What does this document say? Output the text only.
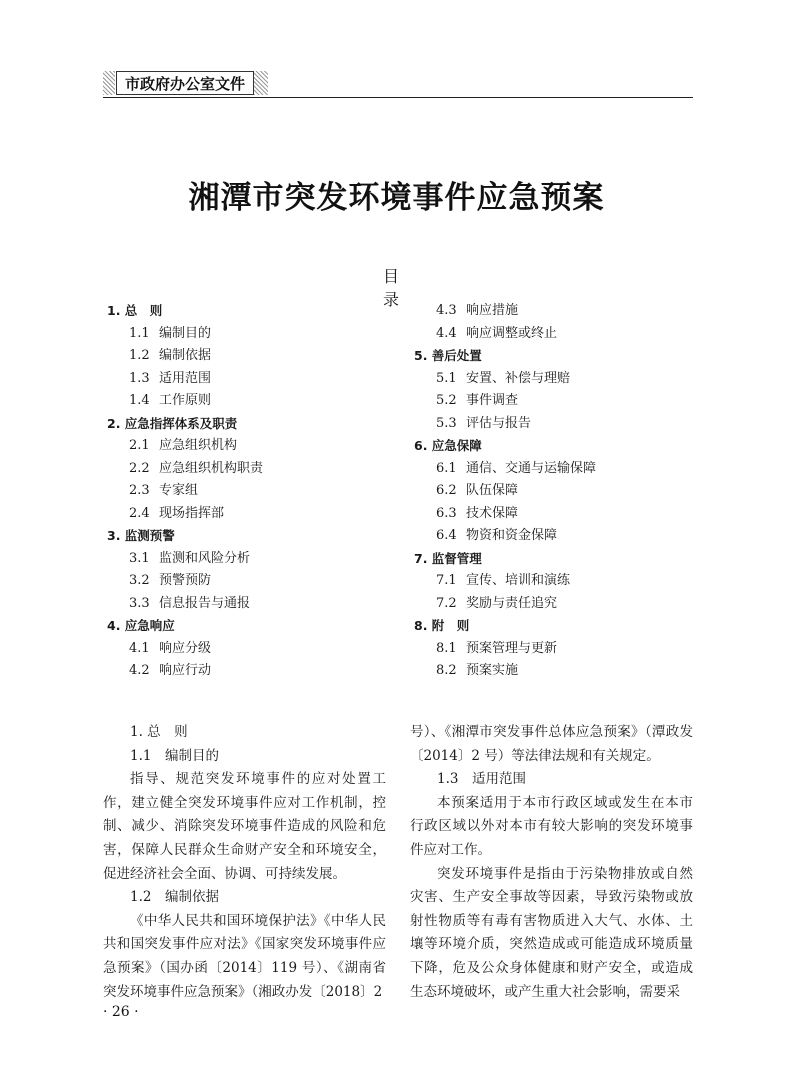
市政府办公室文件
湘潭市突发环境事件应急预案
目录
1. 总　则
1.1 编制目的
1.2 编制依据
1.3 适用范围
1.4 工作原则
2. 应急指挥体系及职责
2.1 应急组织机构
2.2 应急组织机构职责
2.3 专家组
2.4 现场指挥部
3. 监测预警
3.1 监测和风险分析
3.2 预警预防
3.3 信息报告与通报
4. 应急响应
4.1 响应分级
4.2 响应行动
4.3 响应措施
4.4 响应调整或终止
5. 善后处置
5.1 安置、补偿与理赔
5.2 事件调查
5.3 评估与报告
6. 应急保障
6.1 通信、交通与运输保障
6.2 队伍保障
6.3 技术保障
6.4 物资和资金保障
7. 监督管理
7.1 宣传、培训和演练
7.2 奖励与责任追究
8. 附　则
8.1 预案管理与更新
8.2 预案实施

1. 总　则

1.1　编制目的

指导、规范突发环境事件的应对处置工作，建立健全突发环境事件应对工作机制，控制、减少、消除突发环境事件造成的风险和危害，保障人民群众生命财产安全和环境安全，促进经济社会全面、协调、可持续发展。

1.2　编制依据

《中华人民共和国环境保护法》《中华人民共和国突发事件应对法》《国家突发环境事件应急预案》（国办函〔2014〕119 号）、《湖南省突发环境事件应急预案》（湘政办发〔2018〕2

号）、《湘潭市突发事件总体应急预案》（潭政发〔2014〕2 号）等法律法规和有关规定。

1.3　适用范围

本预案适用于本市行政区域或发生在本市行政区域以外对本市有较大影响的突发环境事件应对工作。

突发环境事件是指由于污染物排放或自然灾害、生产安全事故等因素，导致污染物或放射性物质等有毒有害物质进入大气、水体、土壤等环境介质，突然造成或可能造成环境质量下降，危及公众身体健康和财产安全，或造成生态环境破坏，或产生重大社会影响，需要采

· 26 ·
